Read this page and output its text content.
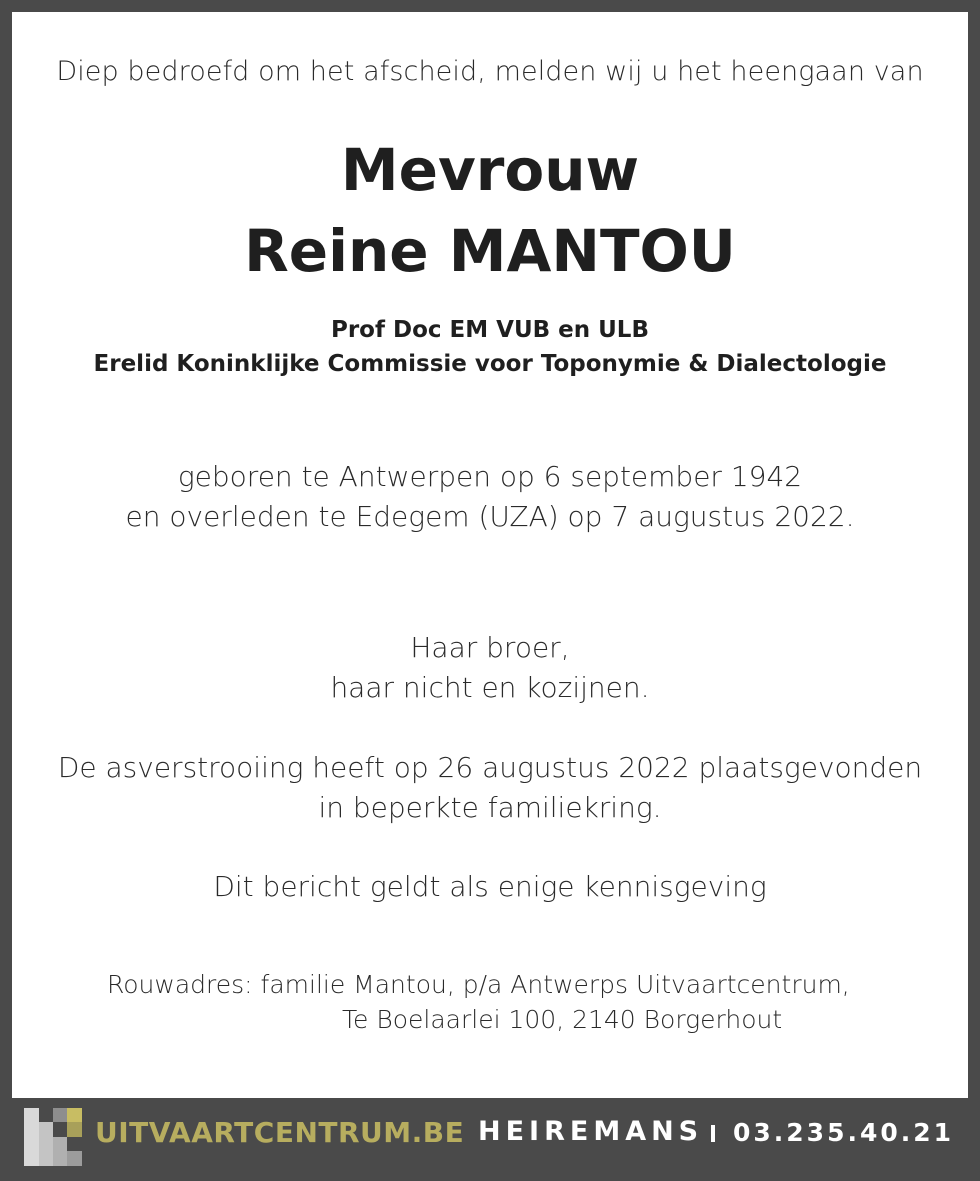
Diep bedroefd om het afscheid, melden wij u het heengaan van
Mevrouw
Reine MANTOU
Prof Doc EM VUB en ULB
Erelid Koninklijke Commissie voor Toponymie & Dialectologie
geboren te Antwerpen op 6 september 1942
en overleden te Edegem (UZA) op 7 augustus 2022.
Haar broer,
haar nicht en kozijnen.
De asverstrooiing heeft op 26 augustus 2022 plaatsgevonden
in beperkte familiekring.
Dit bericht geldt als enige kennisgeving
Rouwadres: familie Mantou, p/a Antwerps Uitvaartcentrum,
Te Boelaarlei 100, 2140 Borgerhout
UITVAARTCENTRUM.BE HEIREMANS 03.235.40.21
